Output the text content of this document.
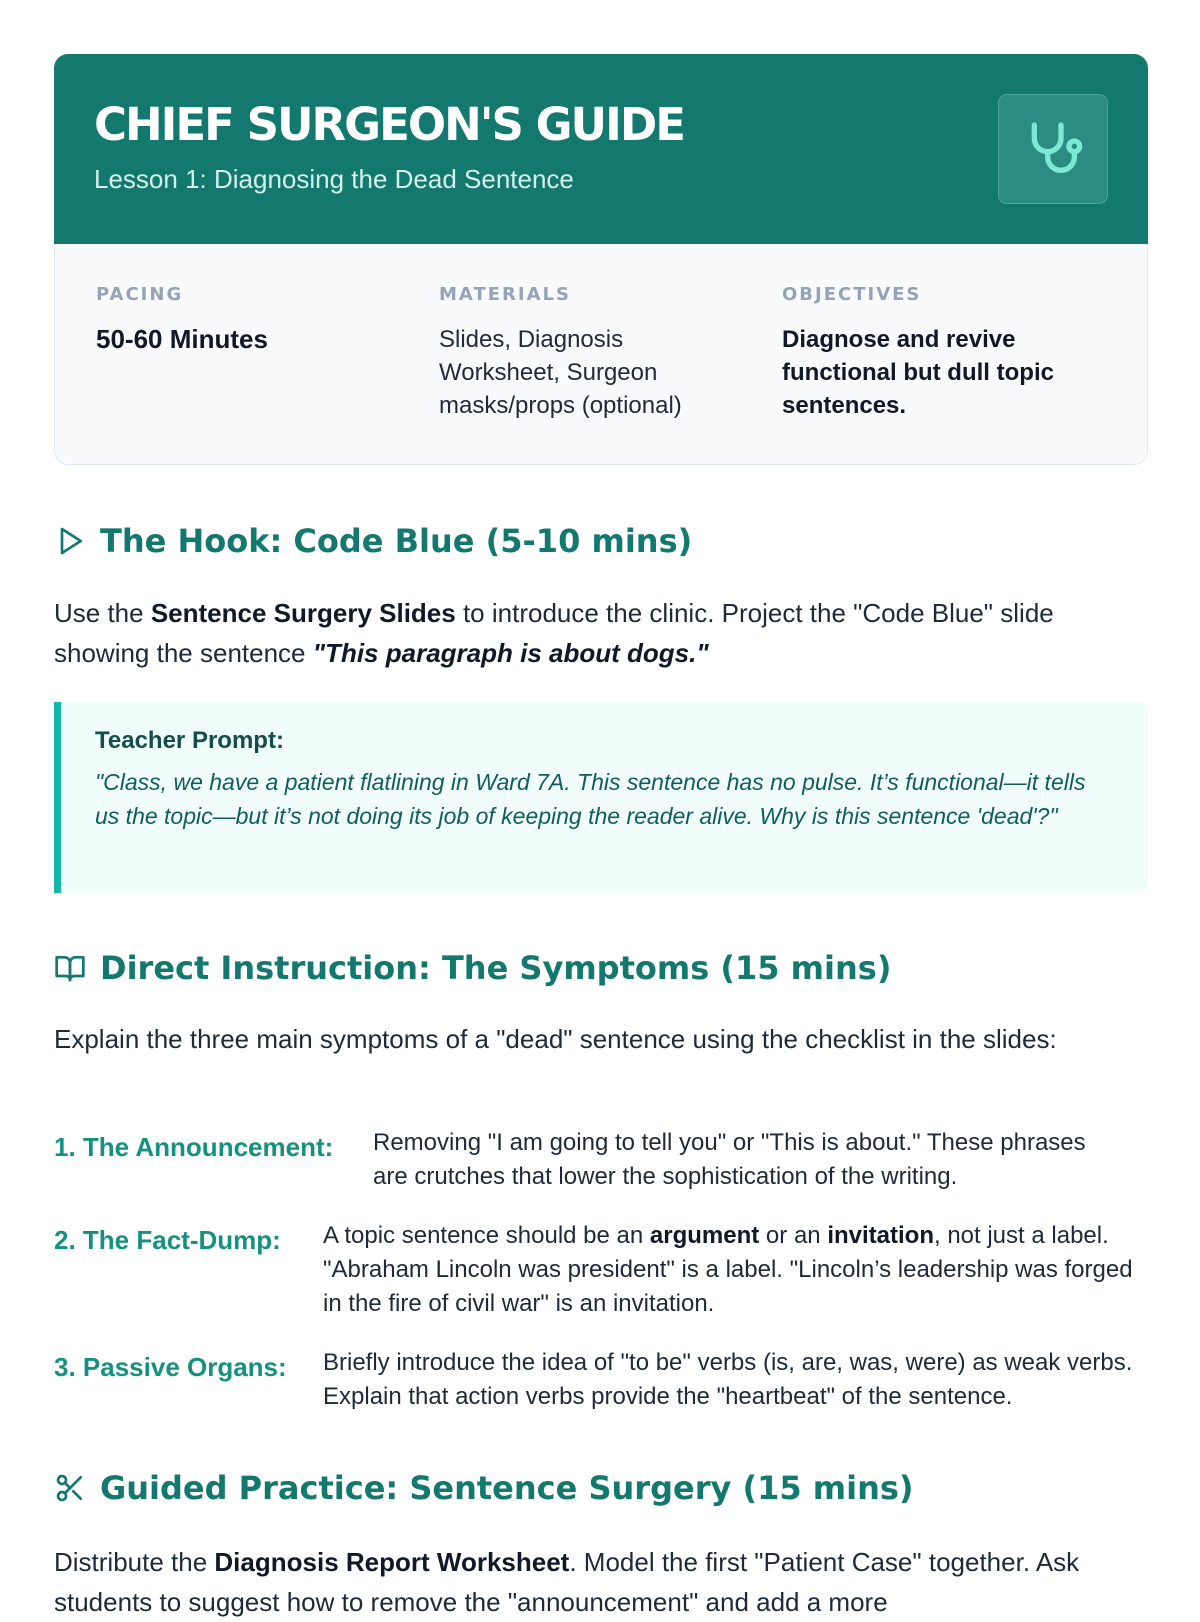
CHIEF SURGEON'S GUIDE
Lesson 1: Diagnosing the Dead Sentence
PACING
50-60 Minutes
MATERIALS
Slides, Diagnosis Worksheet, Surgeon masks/props (optional)
OBJECTIVES
Diagnose and revive functional but dull topic sentences.
The Hook: Code Blue (5-10 mins)
Use the Sentence Surgery Slides to introduce the clinic. Project the "Code Blue" slide showing the sentence "This paragraph is about dogs."
Teacher Prompt:
"Class, we have a patient flatlining in Ward 7A. This sentence has no pulse. It’s functional—it tells us the topic—but it’s not doing its job of keeping the reader alive. Why is this sentence 'dead'?"
Direct Instruction: The Symptoms (15 mins)
Explain the three main symptoms of a "dead" sentence using the checklist in the slides:
1. The Announcement:	Removing "I am going to tell you" or "This is about." These phrases are crutches that lower the sophistication of the writing.
2. The Fact-Dump:	A topic sentence should be an argument or an invitation, not just a label. "Abraham Lincoln was president" is a label. "Lincoln’s leadership was forged in the fire of civil war" is an invitation.
3. Passive Organs:	Briefly introduce the idea of "to be" verbs (is, are, was, were) as weak verbs. Explain that action verbs provide the "heartbeat" of the sentence.
Guided Practice: Sentence Surgery (15 mins)
Distribute the Diagnosis Report Worksheet. Model the first "Patient Case" together. Ask students to suggest how to remove the "announcement" and add a more
